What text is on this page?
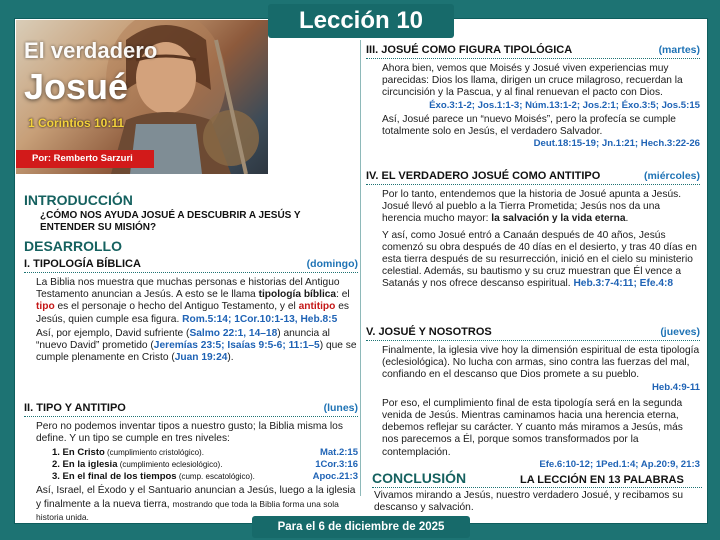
Lección 10
El verdadero
Josué
1 Corintios 10:11
Por: Remberto Sarzuri
INTRODUCCIÓN
¿CÓMO NOS AYUDA JOSUÉ A DESCUBRIR A JESÚS Y ENTENDER SU MISIÓN?
DESARROLLO
I. TIPOLOGÍA BÍBLICA	(domingo)

La Biblia nos muestra que muchas personas e historias del Antiguo Testamento anuncian a Jesús. A esto se le llama tipología bíblica: el tipo es el personaje o hecho del Antiguo Testamento, y el antitipo es Jesús, quien cumple esa figura. Rom.5:14; 1Cor.10:1-13, Heb.8:5

Así, por ejemplo, David sufriente (Salmo 22:1, 14–18) anuncia al “nuevo David” prometido (Jeremías 23:5; Isaías 9:5-6; 11:1–5) que se cumple plenamente en Cristo (Juan 19:24).

II. TIPO Y ANTITIPO	(lunes)

Pero no podemos inventar tipos a nuestro gusto; la Biblia misma los define. Y un tipo se cumple en tres niveles:

1. En Cristo (cumplimiento cristológico).	Mat.2:15
2. En la iglesia (cumplimiento eclesiológico).	1Cor.3:16
3. En el final de los tiempos (cump. escatológico).	Apoc.21:3

Así, Israel, el Éxodo y el Santuario anuncian a Jesús, luego a la iglesia y finalmente a la nueva tierra, mostrando que toda la Biblia forma una sola historia unida.

III. JOSUÉ COMO FIGURA TIPOLÓGICA	(martes)

Ahora bien, vemos que Moisés y Josué viven experiencias muy parecidas: Dios los llama, dirigen un cruce milagroso, recuerdan la circuncisión y la Pascua, y al final renuevan el pacto con Dios.

Éxo.3:1-2; Jos.1:1-3; Núm.13:1-2; Jos.2:1; Éxo.3:5; Jos.5:15

Así, Josué parece un “nuevo Moisés”, pero la profecía se cumple totalmente solo en Jesús, el verdadero Salvador.

Deut.18:15-19; Jn.1:21; Hech.3:22-26

IV. EL VERDADERO JOSUÉ COMO ANTITIPO	(miércoles)

Por lo tanto, entendemos que la historia de Josué apunta a Jesús. Josué llevó al pueblo a la Tierra Prometida; Jesús nos da una herencia mucho mayor: la salvación y la vida eterna.

Y así, como Josué entró a Canaán después de 40 años, Jesús comenzó su obra después de 40 días en el desierto, y tras 40 días en esta tierra después de su resurrección, inició en el cielo su ministerio celestial. Además, su bautismo y su cruz muestran que Él vence a Satanás y nos ofrece descanso espiritual. Heb.3:7-4:11; Efe.4:8

V. JOSUÉ Y NOSOTROS	(jueves)

Finalmente, la iglesia vive hoy la dimensión espiritual de esta tipología (eclesiológica). No lucha con armas, sino contra las fuerzas del mal, confiando en el descanso que Dios promete a su pueblo.

Heb.4:9-11

Por eso, el cumplimiento final de esta tipología será en la segunda venida de Jesús. Mientras caminamos hacia una herencia eterna, debemos reflejar su carácter. Y cuanto más miramos a Jesús, más nos parecemos a Él, porque somos transformados por la contemplación.

Efe.6:10-12; 1Ped.1:4; Ap.20:9, 21:3

CONCLUSIÓN	LA LECCIÓN EN 13 PALABRAS

Vivamos mirando a Jesús, nuestro verdadero Josué, y recibamos su descanso y salvación.

Para el 6 de diciembre de 2025
